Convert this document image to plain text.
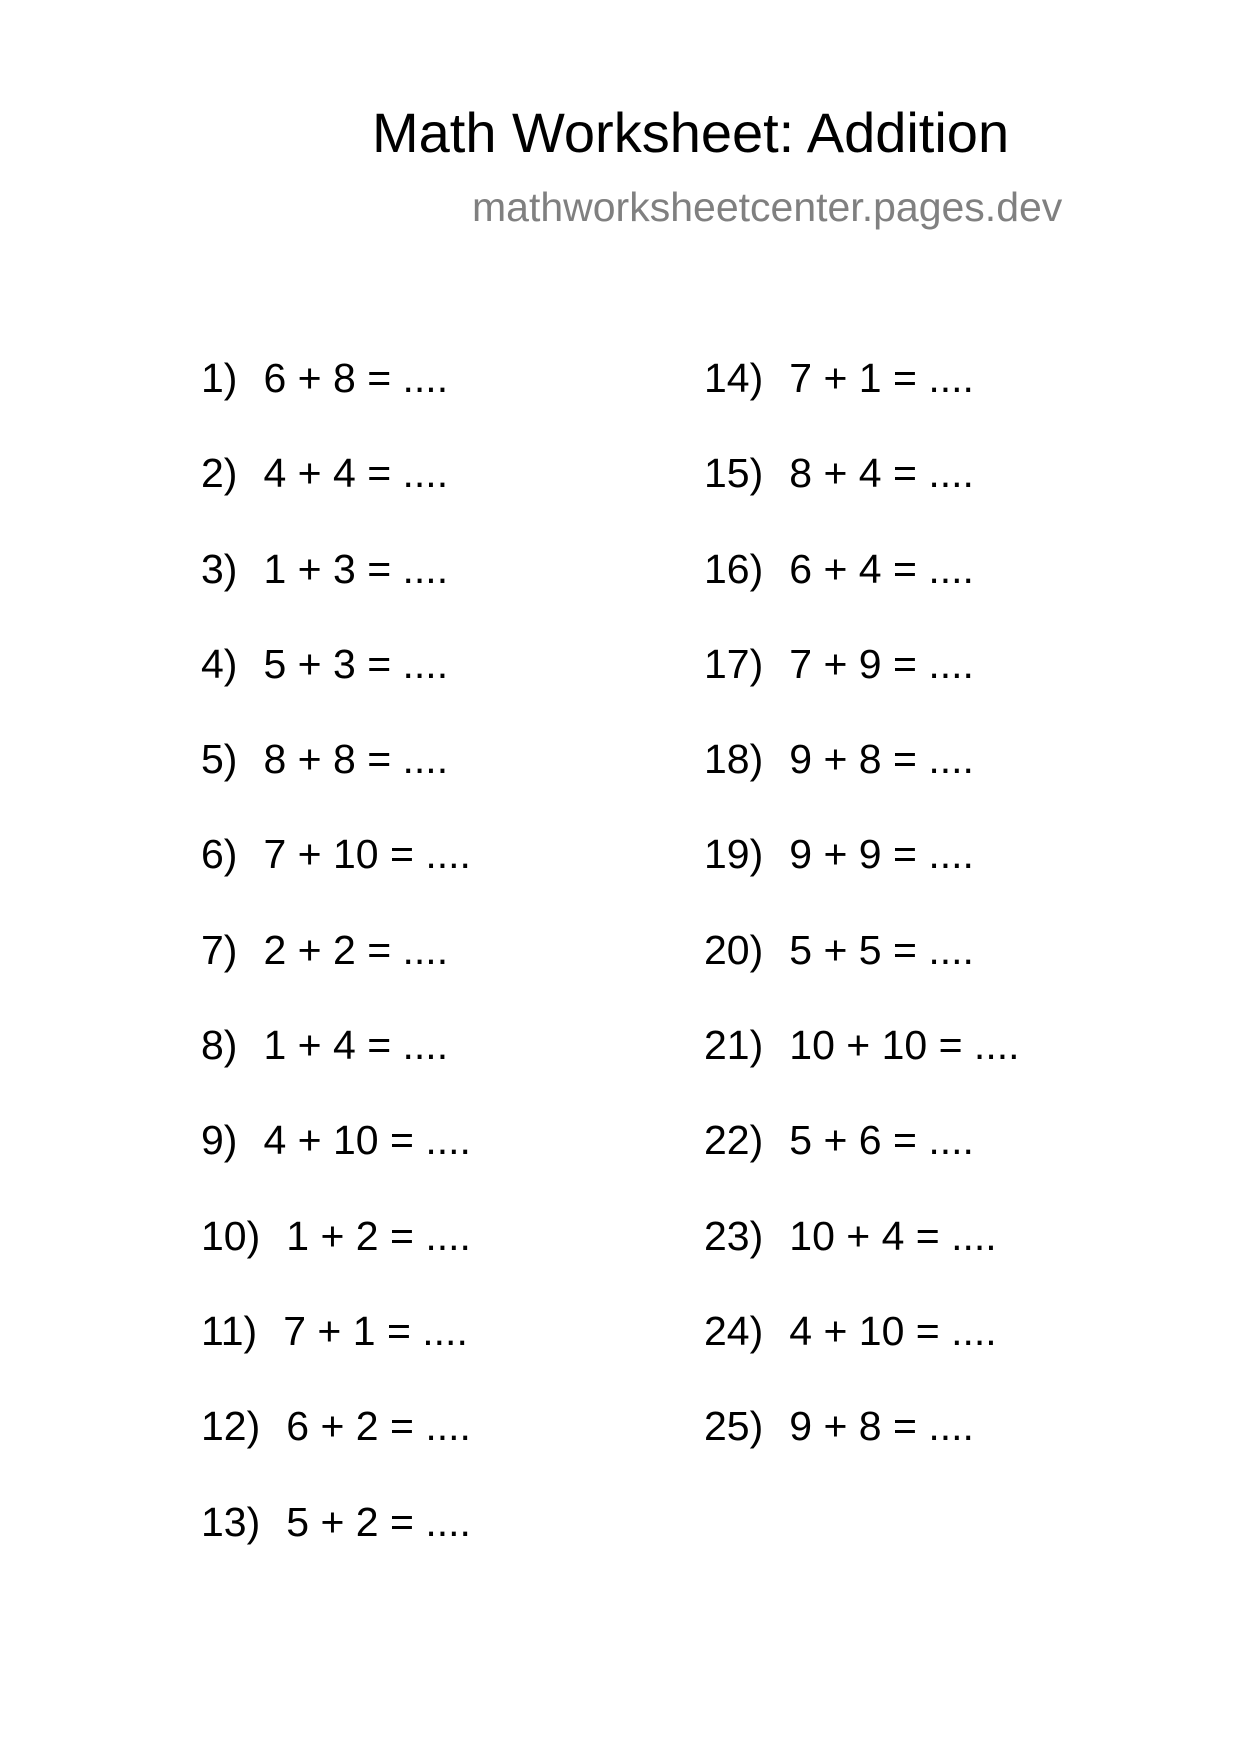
Math Worksheet: Addition
mathworksheetcenter.pages.dev
1) 6 + 8 = ....
2) 4 + 4 = ....
3) 1 + 3 = ....
4) 5 + 3 = ....
5) 8 + 8 = ....
6) 7 + 10 = ....
7) 2 + 2 = ....
8) 1 + 4 = ....
9) 4 + 10 = ....
10) 1 + 2 = ....
11) 7 + 1 = ....
12) 6 + 2 = ....
13) 5 + 2 = ....
14) 7 + 1 = ....
15) 8 + 4 = ....
16) 6 + 4 = ....
17) 7 + 9 = ....
18) 9 + 8 = ....
19) 9 + 9 = ....
20) 5 + 5 = ....
21) 10 + 10 = ....
22) 5 + 6 = ....
23) 10 + 4 = ....
24) 4 + 10 = ....
25) 9 + 8 = ....
